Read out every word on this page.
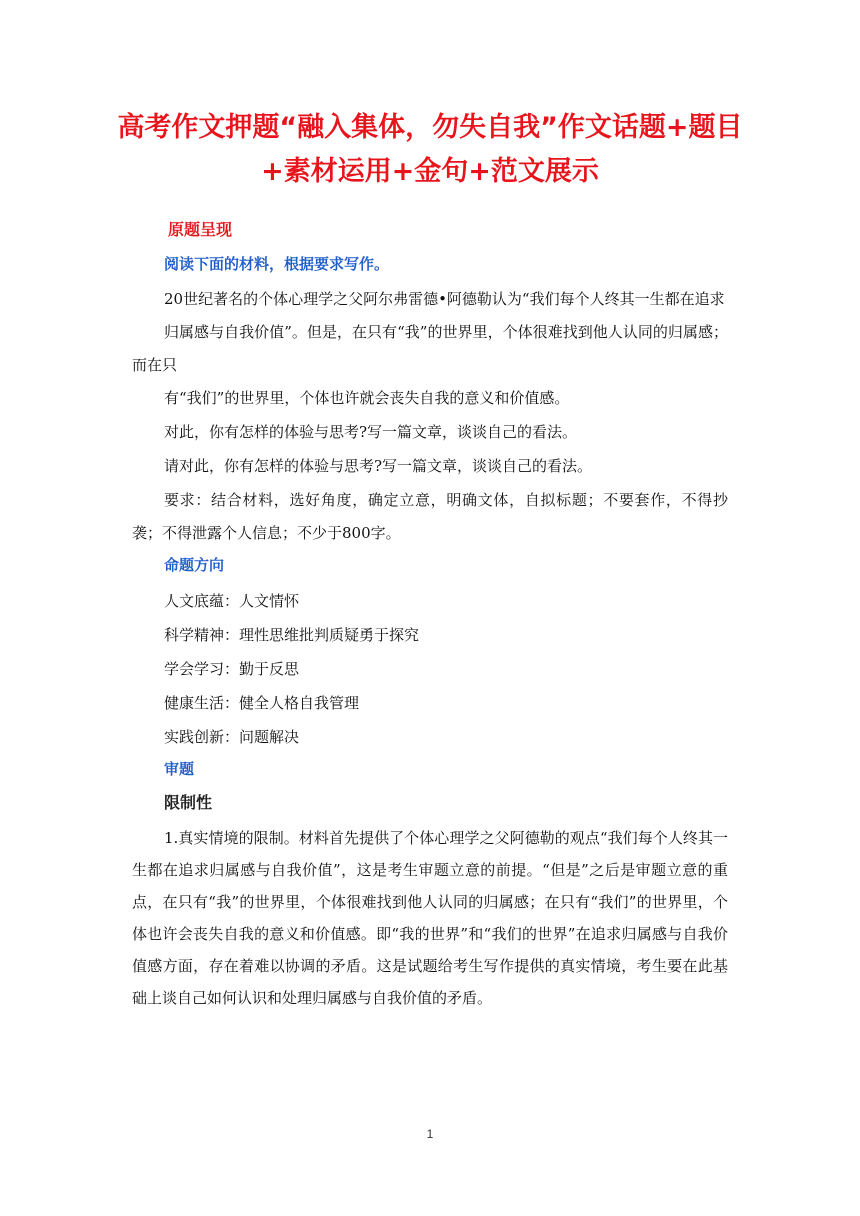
高考作文押题“融入集体，勿失自我”作文话题+题目+素材运用+金句+范文展示
原题呈现
阅读下面的材料，根据要求写作。
20世纪著名的个体心理学之父阿尔弗雷德•阿德勒认为“我们每个人终其一生都在追求
归属感与自我价值”。但是，在只有“我”的世界里，个体很难找到他人认同的归属感；而在只
有“我们”的世界里，个体也许就会丧失自我的意义和价值感。
对此，你有怎样的体验与思考?写一篇文章，谈谈自己的看法。
请对此，你有怎样的体验与思考?写一篇文章，谈谈自己的看法。
要求：结合材料，选好角度，确定立意，明确文体，自拟标题；不要套作，不得抄袭；不得泄露个人信息；不少于800字。
命题方向
人文底蕴：人文情怀
科学精神：理性思维批判质疑勇于探究
学会学习：勤于反思
健康生活：健全人格自我管理
实践创新：问题解决
审题
限制性
1.真实情境的限制。材料首先提供了个体心理学之父阿德勒的观点“我们每个人终其一生都在追求归属感与自我价值”，这是考生审题立意的前提。“但是”之后是审题立意的重点，在只有“我”的世界里，个体很难找到他人认同的归属感；在只有“我们”的世界里，个体也许会丧失自我的意义和价值感。即“我的世界”和“我们的世界”在追求归属感与自我价值感方面，存在着难以协调的矛盾。这是试题给考生写作提供的真实情境，考生要在此基础上谈自己如何认识和处理归属感与自我价值的矛盾。
1
